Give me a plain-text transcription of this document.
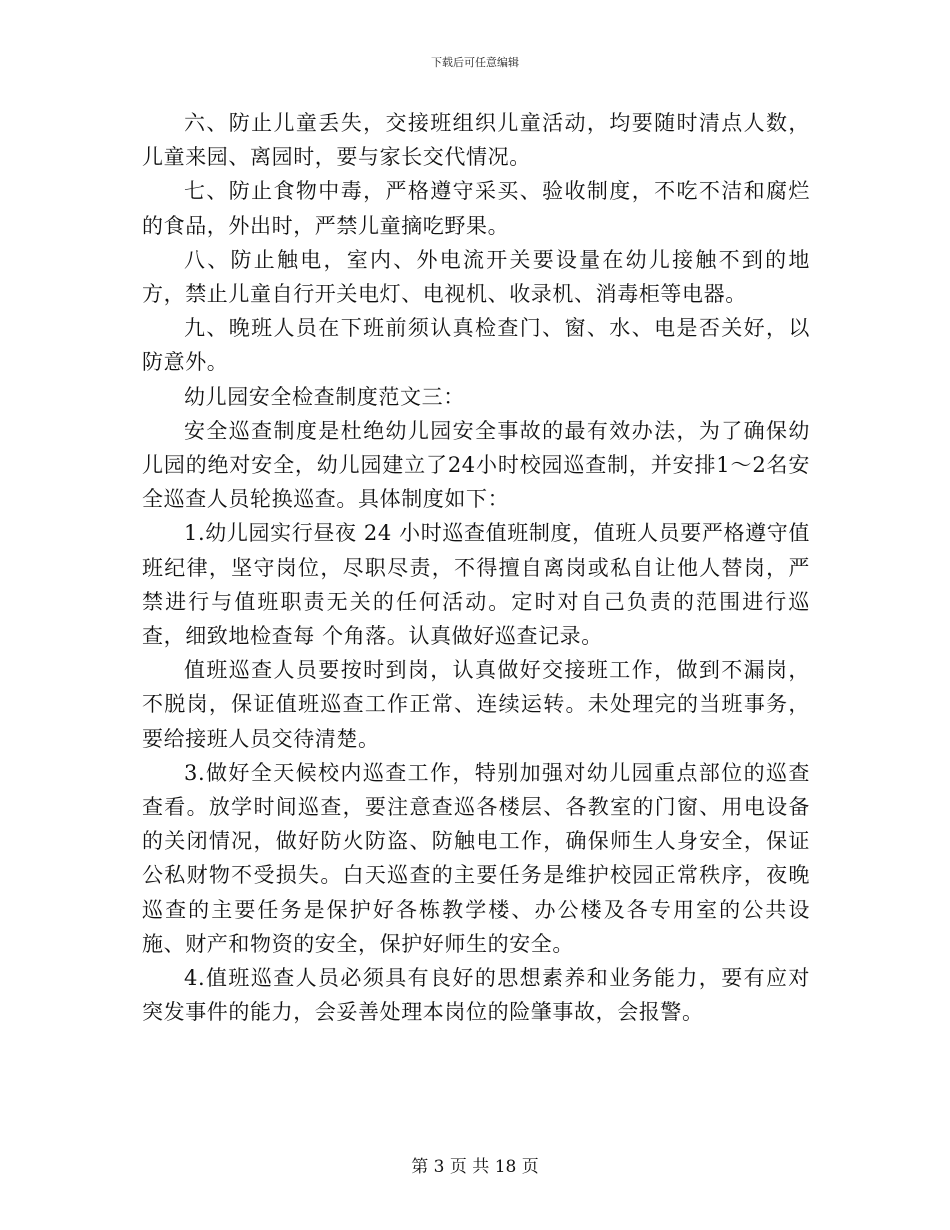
下载后可任意编辑

六、防止儿童丢失，交接班组织儿童活动，均要随时清点人数，儿童来园、离园时，要与家长交代情况。

七、防止食物中毒，严格遵守采买、验收制度，不吃不洁和腐烂的食品，外出时，严禁儿童摘吃野果。

八、防止触电，室内、外电流开关要设量在幼儿接触不到的地方，禁止儿童自行开关电灯、电视机、收录机、消毒柜等电器。

九、晚班人员在下班前须认真检查门、窗、水、电是否关好，以防意外。

幼儿园安全检查制度范文三：

安全巡查制度是杜绝幼儿园安全事故的最有效办法，为了确保幼儿园的绝对安全，幼儿园建立了24小时校园巡查制，并安排1～2名安全巡查人员轮换巡查。具体制度如下：

1.幼儿园实行昼夜 24 小时巡查值班制度，值班人员要严格遵守值班纪律，坚守岗位，尽职尽责，不得擅自离岗或私自让他人替岗，严禁进行与值班职责无关的任何活动。定时对自己负责的范围进行巡查，细致地检查每 个角落。认真做好巡查记录。

值班巡查人员要按时到岗，认真做好交接班工作，做到不漏岗，不脱岗，保证值班巡查工作正常、连续运转。未处理完的当班事务，要给接班人员交待清楚。

3.做好全天候校内巡查工作，特别加强对幼儿园重点部位的巡查查看。放学时间巡查，要注意查巡各楼层、各教室的门窗、用电设备的关闭情况，做好防火防盗、防触电工作，确保师生人身安全，保证公私财物不受损失。白天巡查的主要任务是维护校园正常秩序，夜晚巡查的主要任务是保护好各栋教学楼、办公楼及各专用室的公共设施、财产和物资的安全，保护好师生的安全。

4.值班巡查人员必须具有良好的思想素养和业务能力，要有应对突发事件的能力，会妥善处理本岗位的险肇事故，会报警。

第 3 页 共 18 页
